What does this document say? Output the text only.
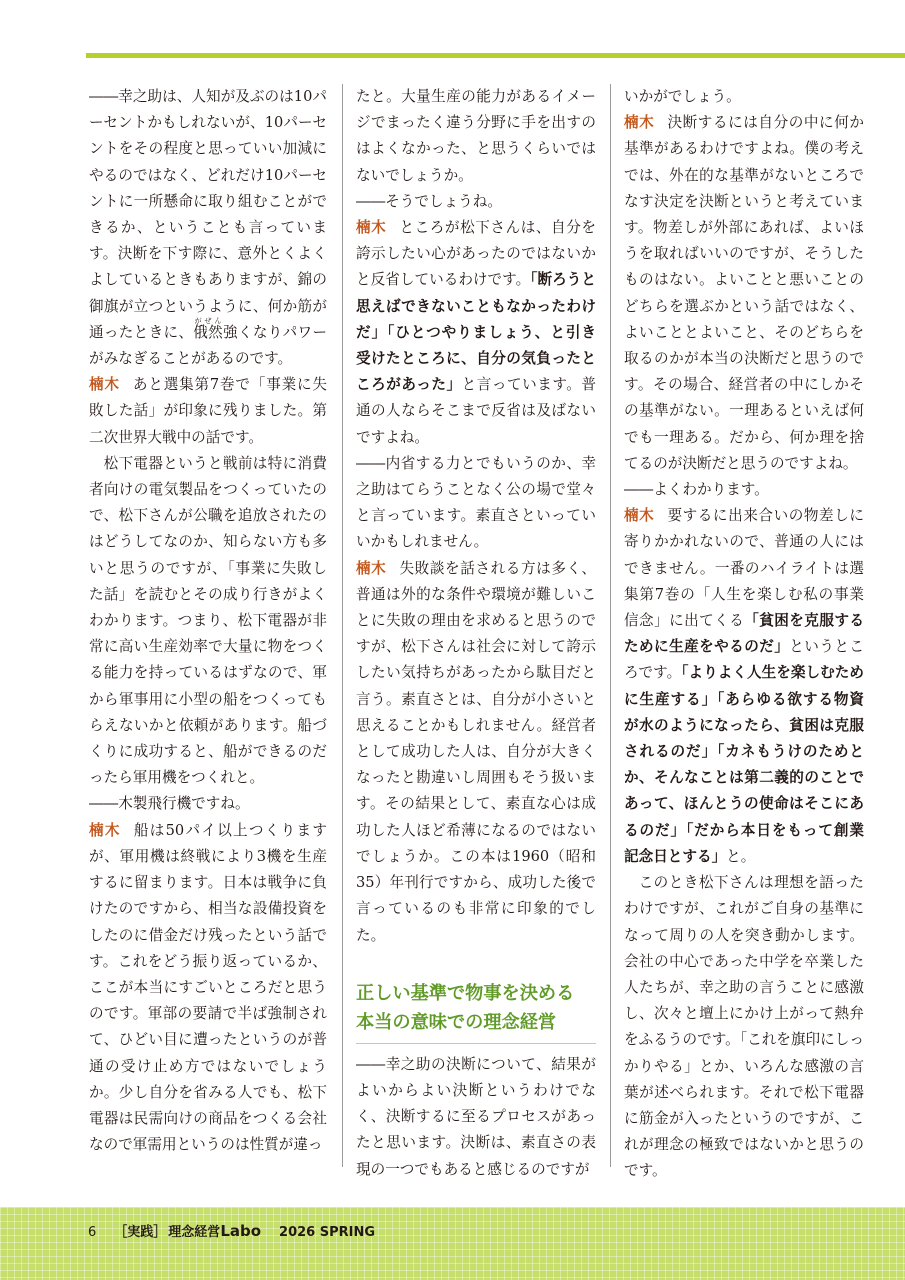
――幸之助は、人知が及ぶのは10パーセントかもしれないが、10パーセントをその程度と思っていい加減にやるのではなく、どれだけ10パーセントに一所懸命に取り組むことができるか、ということも言っています。決断を下す際に、意外とくよくよしているときもありますが、錦の御旗が立つというように、何か筋が通ったときに、俄然がぜん強くなりパワーがみなぎることがあるのです。

楠木 あと選集第7巻で「事業に失敗した話」が印象に残りました。第二次世界大戦中の話です。

松下電器というと戦前は特に消費者向けの電気製品をつくっていたので、松下さんが公職を追放されたのはどうしてなのか、知らない方も多いと思うのですが、「事業に失敗した話」を読むとその成り行きがよくわかります。つまり、松下電器が非常に高い生産効率で大量に物をつくる能力を持っているはずなので、軍から軍事用に小型の船をつくってもらえないかと依頼があります。船づくりに成功すると、船ができるのだったら軍用機をつくれと。

――木製飛行機ですね。

楠木 船は50パイ以上つくりますが、軍用機は終戦により3機を生産するに留まります。日本は戦争に負けたのですから、相当な設備投資をしたのに借金だけ残ったという話です。これをどう振り返っているか、ここが本当にすごいところだと思うのです。軍部の要請で半ば強制されて、ひどい目に遭ったというのが普通の受け止め方ではないでしょうか。少し自分を省みる人でも、松下電器は民需向けの商品をつくる会社なので軍需用というのは性質が違っ

たと。大量生産の能力があるイメージでまったく違う分野に手を出すのはよくなかった、と思うくらいではないでしょうか。

――そうでしょうね。

楠木 ところが松下さんは、自分を誇示したい心があったのではないかと反省しているわけです。「断ろうと思えばできないこともなかったわけだ」「ひとつやりましょう、と引き受けたところに、自分の気負ったところがあった」と言っています。普通の人ならそこまで反省は及ばないですよね。

――内省する力とでもいうのか、幸之助はてらうことなく公の場で堂々と言っています。素直さといっていいかもしれません。

楠木 失敗談を話される方は多く、普通は外的な条件や環境が難しいことに失敗の理由を求めると思うのですが、松下さんは社会に対して誇示したい気持ちがあったから駄目だと言う。素直さとは、自分が小さいと思えることかもしれません。経営者として成功した人は、自分が大きくなったと勘違いし周囲もそう扱います。その結果として、素直な心は成功した人ほど希薄になるのではないでしょうか。この本は1960（昭和35）年刊行ですから、成功した後で言っているのも非常に印象的でした。

正しい基準で物事を決める
本当の意味での理念経営

――幸之助の決断について、結果がよいからよい決断というわけでなく、決断するに至るプロセスがあったと思います。決断は、素直さの表現の一つでもあると感じるのですが

いかがでしょう。

楠木 決断するには自分の中に何か基準があるわけですよね。僕の考えでは、外在的な基準がないところでなす決定を決断というと考えています。物差しが外部にあれば、よいほうを取ればいいのですが、そうしたものはない。よいことと悪いことのどちらを選ぶかという話ではなく、よいこととよいこと、そのどちらを取るのかが本当の決断だと思うのです。その場合、経営者の中にしかその基準がない。一理あるといえば何でも一理ある。だから、何か理を捨てるのが決断だと思うのですよね。

――よくわかります。

楠木 要するに出来合いの物差しに寄りかかれないので、普通の人にはできません。一番のハイライトは選集第7巻の「人生を楽しむ私の事業信念」に出てくる「貧困を克服するために生産をやるのだ」というところです。「よりよく人生を楽しむために生産する」「あらゆる欲する物資が水のようになったら、貧困は克服されるのだ」「カネもうけのためとか、そんなことは第二義的のことであって、ほんとうの使命はそこにあるのだ」「だから本日をもって創業記念日とする」と。

このとき松下さんは理想を語ったわけですが、これがご自身の基準になって周りの人を突き動かします。会社の中心であった中学を卒業した人たちが、幸之助の言うことに感激し、次々と壇上にかけ上がって熱弁をふるうのです。「これを旗印にしっかりやる」とか、いろんな感激の言葉が述べられます。それで松下電器に筋金が入ったというのですが、これが理念の極致ではないかと思うのです。

6 ［実践］ 理念経営Labo 2026 SPRING
